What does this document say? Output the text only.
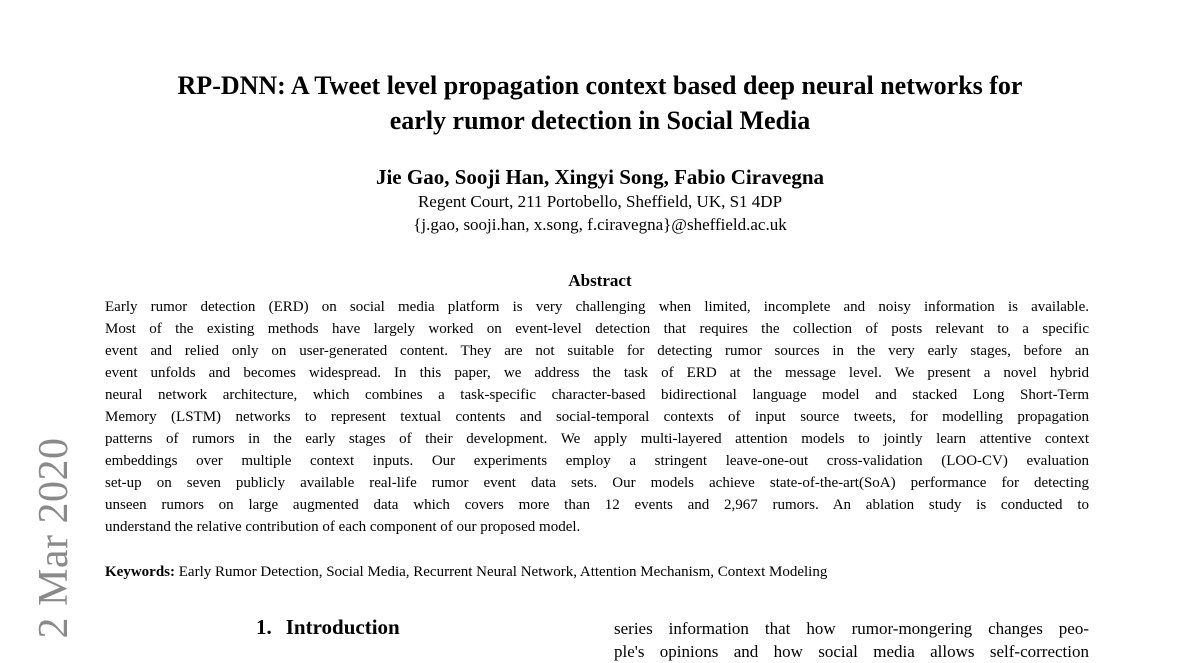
2 Mar 2020
RP-DNN: A Tweet level propagation context based deep neural networks for
early rumor detection in Social Media
Jie Gao, Sooji Han, Xingyi Song, Fabio Ciravegna
Regent Court, 211 Portobello, Sheffield, UK, S1 4DP
{j.gao, sooji.han, x.song, f.ciravegna}@sheffield.ac.uk
Abstract
Early rumor detection (ERD) on social media platform is very challenging when limited, incomplete and noisy information is available.
Most of the existing methods have largely worked on event-level detection that requires the collection of posts relevant to a specific
event and relied only on user-generated content. They are not suitable for detecting rumor sources in the very early stages, before an
event unfolds and becomes widespread. In this paper, we address the task of ERD at the message level. We present a novel hybrid
neural network architecture, which combines a task-specific character-based bidirectional language model and stacked Long Short-Term
Memory (LSTM) networks to represent textual contents and social-temporal contexts of input source tweets, for modelling propagation
patterns of rumors in the early stages of their development. We apply multi-layered attention models to jointly learn attentive context
embeddings over multiple context inputs. Our experiments employ a stringent leave-one-out cross-validation (LOO-CV) evaluation
set-up on seven publicly available real-life rumor event data sets. Our models achieve state-of-the-art(SoA) performance for detecting
unseen rumors on large augmented data which covers more than 12 events and 2,967 rumors. An ablation study is conducted to
understand the relative contribution of each component of our proposed model.
Keywords: Early Rumor Detection, Social Media, Recurrent Neural Network, Attention Mechanism, Context Modeling
1. Introduction	series information that how rumor-mongering changes peo-
ple's opinions and how social media allows self-correction
